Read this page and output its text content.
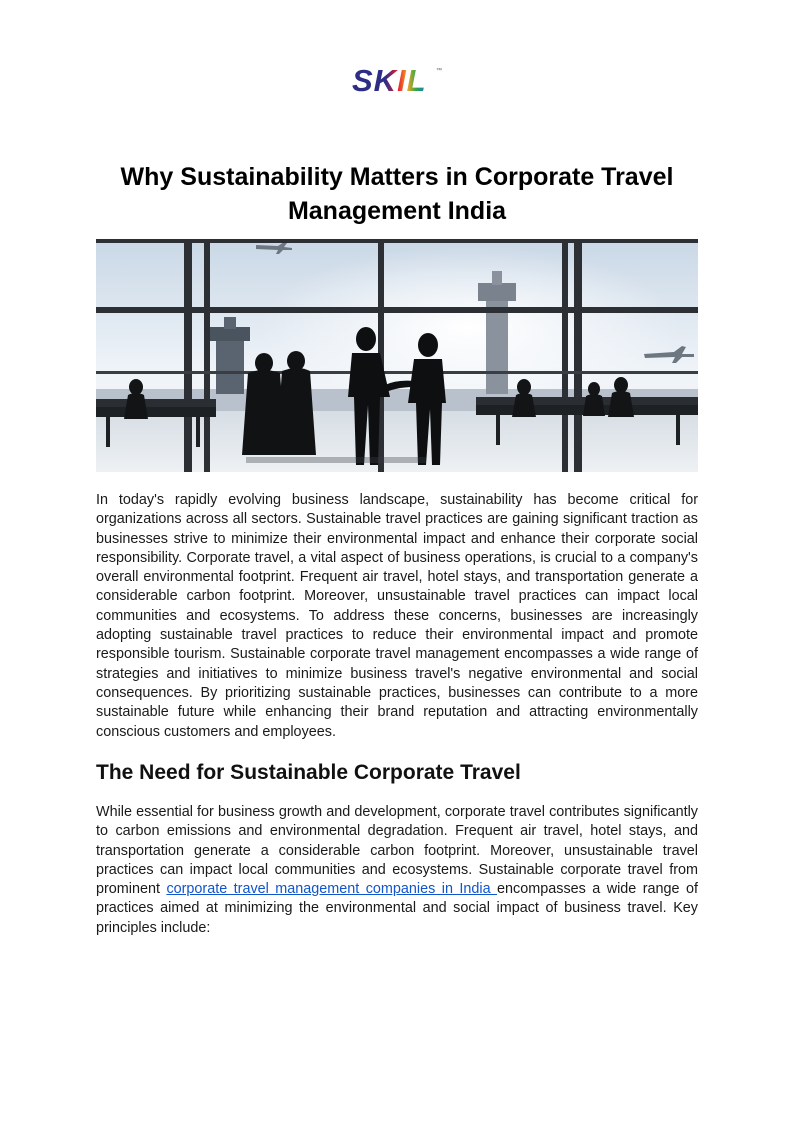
SKIL ™
Why Sustainability Matters in Corporate Travel Management India

In today's rapidly evolving business landscape, sustainability has become critical for organizations across all sectors. Sustainable travel practices are gaining significant traction as businesses strive to minimize their environmental impact and enhance their corporate social responsibility. Corporate travel, a vital aspect of business operations, is crucial to a company's overall environmental footprint. Frequent air travel, hotel stays, and transportation generate a considerable carbon footprint. Moreover, unsustainable travel practices can impact local communities and ecosystems. To address these concerns, businesses are increasingly adopting sustainable travel practices to reduce their environmental impact and promote responsible tourism. Sustainable corporate travel management encompasses a wide range of strategies and initiatives to minimize business travel's negative environmental and social consequences. By prioritizing sustainable practices, businesses can contribute to a more sustainable future while enhancing their brand reputation and attracting environmentally conscious customers and employees.

The Need for Sustainable Corporate Travel

While essential for business growth and development, corporate travel contributes significantly to carbon emissions and environmental degradation. Frequent air travel, hotel stays, and transportation generate a considerable carbon footprint. Moreover, unsustainable travel practices can impact local communities and ecosystems. Sustainable corporate travel from prominent corporate travel management companies in India encompasses a wide range of practices aimed at minimizing the environmental and social impact of business travel. Key principles include:
